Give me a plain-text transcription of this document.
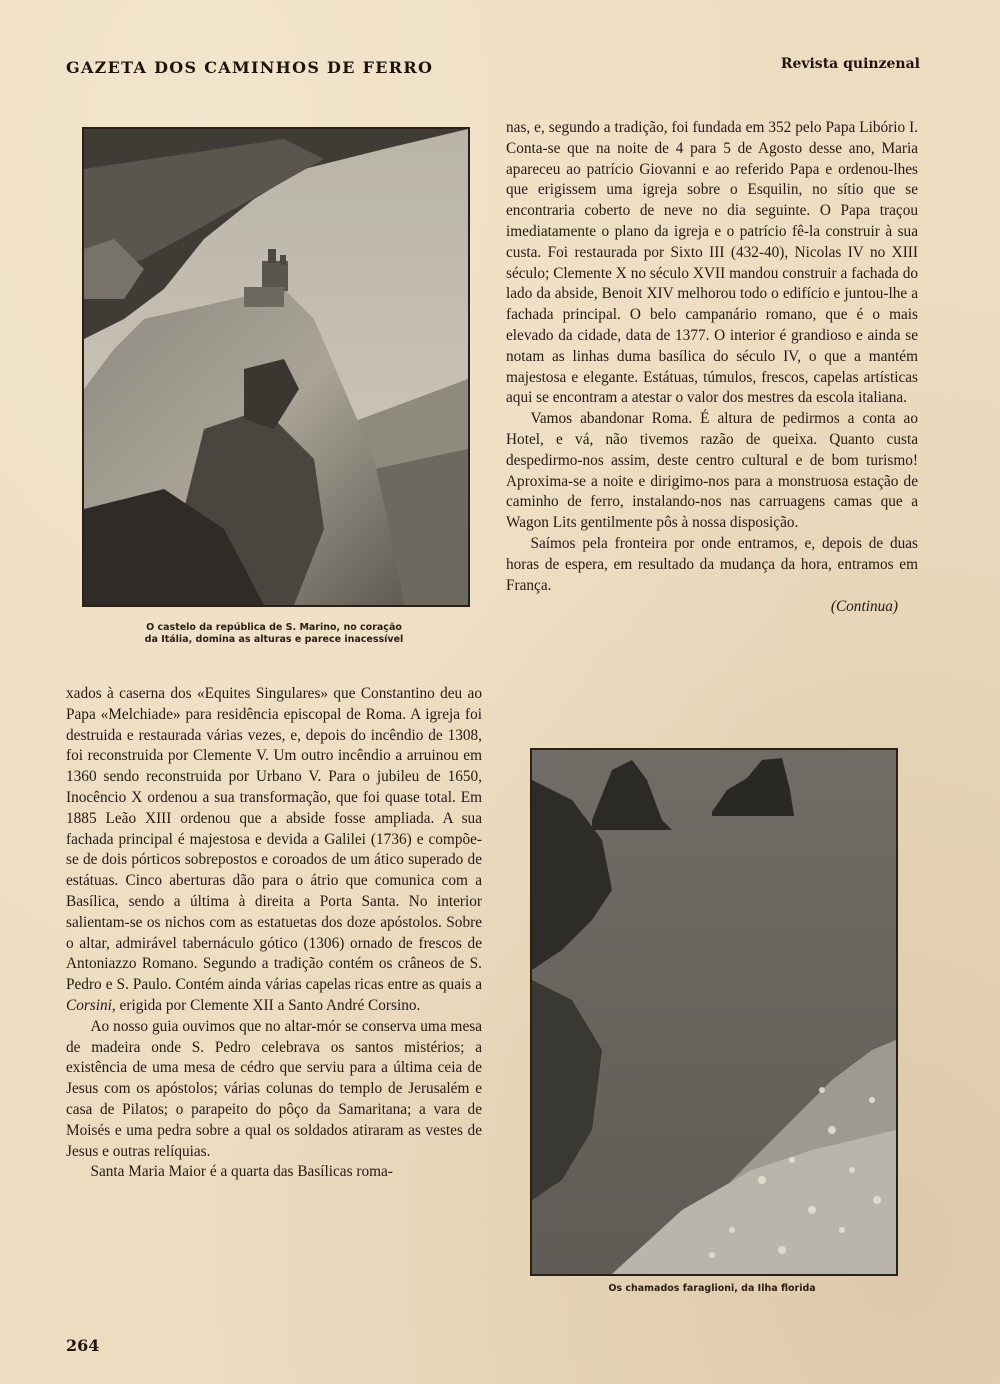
GAZETA DOS CAMINHOS DE FERRO	Revista quinzenal
O castelo da república de S. Marino, no coração
da Itália, domina as alturas e parece inacessível
Os chamados faraglioni, da Ilha florida

xados à caserna dos «Equites Singulares» que Constantino deu ao Papa «Melchiade» para residência episcopal de Roma. A igreja foi destruida e restaurada várias vezes, e, depois do incêndio de 1308, foi reconstruida por Clemente V. Um outro incêndio a arruinou em 1360 sendo reconstruida por Urbano V. Para o jubileu de 1650, Inocêncio X ordenou a sua transformação, que foi quase total. Em 1885 Leão XIII ordenou que a abside fosse ampliada. A sua fachada principal é majestosa e devida a Galilei (1736) e compõe-se de dois pórticos sobrepostos e coroados de um ático superado de estátuas. Cinco aberturas dão para o átrio que comunica com a Basílica, sendo a última à direita a Porta Santa. No interior salientam-se os nichos com as estatuetas dos doze apóstolos. Sobre o altar, admirável tabernáculo gótico (1306) ornado de frescos de Antoniazzo Romano. Segundo a tradição contém os crâneos de S. Pedro e S. Paulo. Contém ainda várias capelas ricas entre as quais a Corsini, erigida por Clemente XII a Santo André Corsino.

Ao nosso guia ouvimos que no altar-mór se conserva uma mesa de madeira onde S. Pedro celebrava os santos mistérios; a existência de uma mesa de cédro que serviu para a última ceia de Jesus com os apóstolos; várias colunas do templo de Jerusalém e casa de Pilatos; o parapeito do pôço da Samaritana; a vara de Moisés e uma pedra sobre a qual os soldados atiraram as vestes de Jesus e outras relíquias.

Santa Maria Maior é a quarta das Basílicas roma-

nas, e, segundo a tradição, foi fundada em 352 pelo Papa Libório I. Conta-se que na noite de 4 para 5 de Agosto desse ano, Maria apareceu ao patrício Giovanni e ao referido Papa e ordenou-lhes que erigissem uma igreja sobre o Esquilin, no sítio que se encontraria coberto de neve no dia seguinte. O Papa traçou imediatamente o plano da igreja e o patrício fê-la construir à sua custa. Foi restaurada por Sixto III (432-40), Nicolas IV no XIII século; Clemente X no século XVII mandou construir a fachada do lado da abside, Benoit XIV melhorou todo o edifício e juntou-lhe a fachada principal. O belo campanário romano, que é o mais elevado da cidade, data de 1377. O interior é grandioso e ainda se notam as linhas duma basílica do século IV, o que a mantém majestosa e elegante. Estátuas, túmulos, frescos, capelas artísticas aqui se encontram a atestar o valor dos mestres da escola italiana.

Vamos abandonar Roma. É altura de pedirmos a conta ao Hotel, e vá, não tivemos razão de queixa. Quanto custa despedirmo-nos assim, deste centro cultural e de bom turismo! Aproxima-se a noite e dirigimo-nos para a monstruosa estação de caminho de ferro, instalando-nos nas carruagens camas que a Wagon Lits gentilmente pôs à nossa disposição.

Saímos pela fronteira por onde entramos, e, depois de duas horas de espera, em resultado da mudança da hora, entramos em França.

(Continua)

264
